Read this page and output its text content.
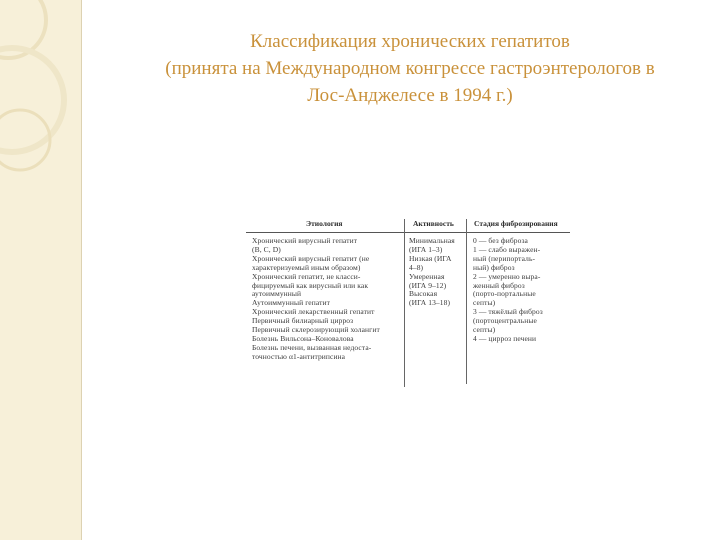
Классификация хронических гепатитов

(принята на Международном конгрессе гастроэнтерологов в

Лос-Анджелесе в 1994 г.)

Этиология	Активность	Стадия фиброзирования
Хронический вирусный гепатит
(B, C, D)
Хронический вирусный гепатит (не
характеризуемый иным образом)
Хронический гепатит, не класси-
фицируемый как вирусный или как
аутоиммунный
Аутоиммунный гепатит
Хронический лекарственный гепатит
Первичный билиарный цирроз
Первичный склерозирующий холангит
Болезнь Вильсона–Коновалова
Болезнь печени, вызванная недоста-
точностью α1-антитрипсина
Минимальная
(ИГА 1–3)
Низкая (ИГА
4–8)
Умеренная
(ИГА 9–12)
Высокая
(ИГА 13–18)
0 — без фиброза
1 — слабо выражен-
ный (перипорталь-
ный) фиброз
2 — умеренно выра-
женный фиброз
(порто-портальные
септы)
3 — тяжёлый фиброз
(портоцентральные
септы)
4 — цирроз печени
